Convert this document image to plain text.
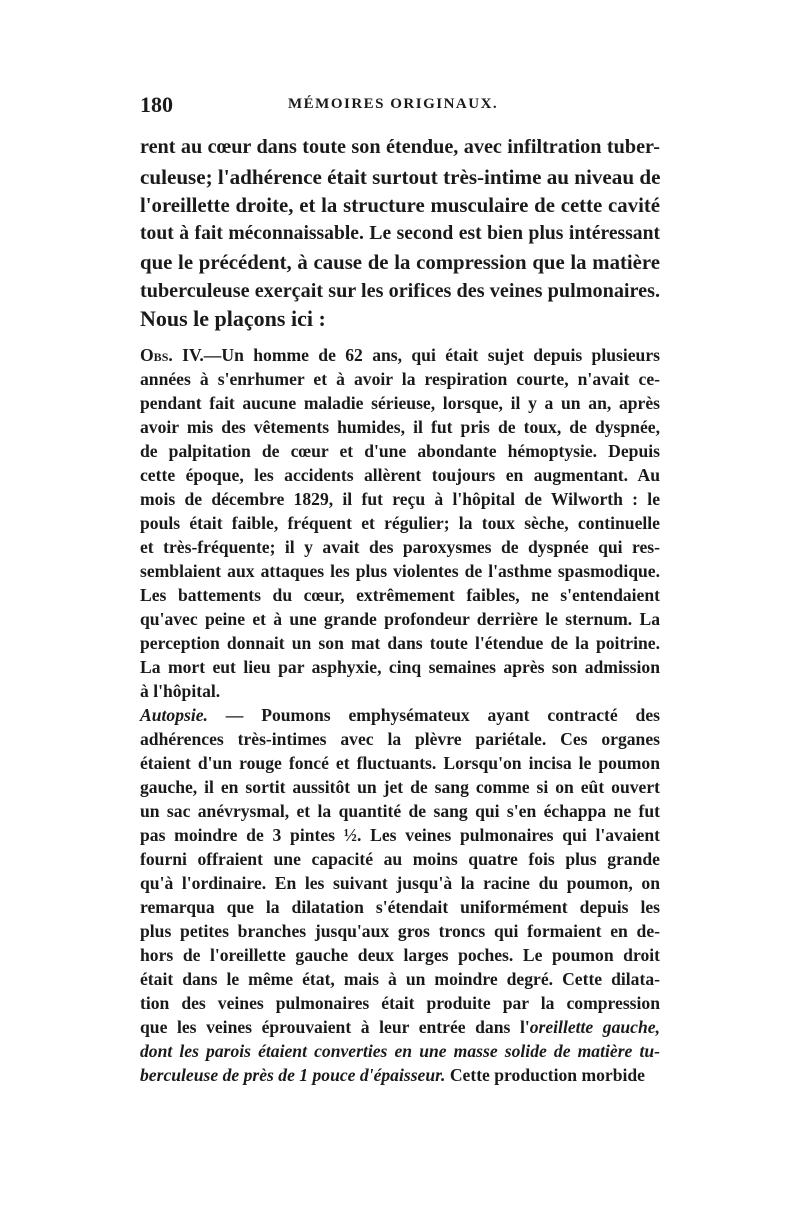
180	MÉMOIRES ORIGINAUX.
rent au cœur dans toute son étendue, avec infiltration tuber-
culeuse; l'adhérence était surtout très-intime au niveau de
l'oreillette droite, et la structure musculaire de cette cavité
tout à fait méconnaissable. Le second est bien plus intéressant
que le précédent, à cause de la compression que la matière
tuberculeuse exerçait sur les orifices des veines pulmonaires.
Nous le plaçons ici :
Obs. IV.—Un homme de 62 ans, qui était sujet depuis plusieurs
années à s'enrhumer et à avoir la respiration courte, n'avait ce-
pendant fait aucune maladie sérieuse, lorsque, il y a un an, après
avoir mis des vêtements humides, il fut pris de toux, de dyspnée,
de palpitation de cœur et d'une abondante hémoptysie. Depuis
cette époque, les accidents allèrent toujours en augmentant. Au
mois de décembre 1829, il fut reçu à l'hôpital de Wilworth : le
pouls était faible, fréquent et régulier; la toux sèche, continuelle
et très-fréquente; il y avait des paroxysmes de dyspnée qui res-
semblaient aux attaques les plus violentes de l'asthme spasmodique.
Les battements du cœur, extrêmement faibles, ne s'entendaient
qu'avec peine et à une grande profondeur derrière le sternum. La
perception donnait un son mat dans toute l'étendue de la poitrine.
La mort eut lieu par asphyxie, cinq semaines après son admission
à l'hôpital.
Autopsie. — Poumons emphysémateux ayant contracté des
adhérences très-intimes avec la plèvre pariétale. Ces organes
étaient d'un rouge foncé et fluctuants. Lorsqu'on incisa le poumon
gauche, il en sortit aussitôt un jet de sang comme si on eût ouvert
un sac anévrysmal, et la quantité de sang qui s'en échappa ne fut
pas moindre de 3 pintes ½. Les veines pulmonaires qui l'avaient
fourni offraient une capacité au moins quatre fois plus grande
qu'à l'ordinaire. En les suivant jusqu'à la racine du poumon, on
remarqua que la dilatation s'étendait uniformément depuis les
plus petites branches jusqu'aux gros troncs qui formaient en de-
hors de l'oreillette gauche deux larges poches. Le poumon droit
était dans le même état, mais à un moindre degré. Cette dilata-
tion des veines pulmonaires était produite par la compression
que les veines éprouvaient à leur entrée dans l'oreillette gauche,
dont les parois étaient converties en une masse solide de matière tu-
berculeuse de près de 1 pouce d'épaisseur. Cette production morbide
